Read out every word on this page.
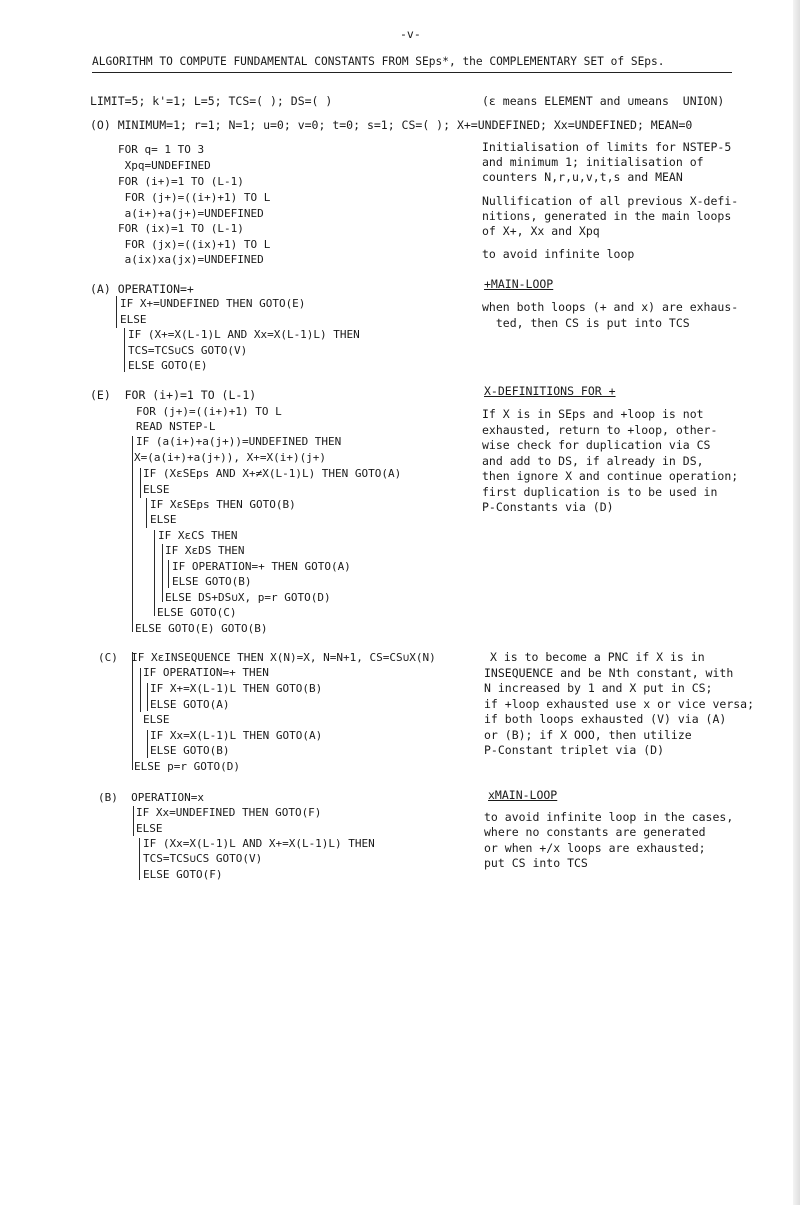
-v-
ALGORITHM TO COMPUTE FUNDAMENTAL CONSTANTS FROM SEps*, the COMPLEMENTARY SET of SEps.
LIMIT=5; k'=1; L=5; TCS=( ); DS=( )	(ε means ELEMENT and ∪means  UNION)
(O) MINIMUM=1; r=1; N=1; u=0; v=0; t=0; s=1; CS=( ); X+=UNDEFINED; Xx=UNDEFINED; MEAN=0
FOR q= 1 TO 3
Xpq=UNDEFINED
FOR (i+)=1 TO (L-1)
FOR (j+)=((i+)+1) TO L
a(i+)+a(j+)=UNDEFINED
FOR (ix)=1 TO (L-1)
FOR (jx)=((ix)+1) TO L
a(ix)xa(jx)=UNDEFINED
Initialisation of limits for NSTEP-5
and minimum 1; initialisation of
counters N,r,u,v,t,s and MEAN
Nullification of all previous X-defi-
nitions, generated in the main loops
of X+, Xx and Xpq
to avoid infinite loop
(A) OPERATION=+
IF X+=UNDEFINED THEN GOTO(E)
ELSE
IF (X+=X(L-1)L AND Xx=X(L-1)L) THEN
TCS=TCS∪CS GOTO(V)
ELSE GOTO(E)
+MAIN-LOOP
when both loops (+ and x) are exhaus-
ted, then CS is put into TCS
(E)  FOR (i+)=1 TO (L-1)
FOR (j+)=((i+)+1) TO L
READ NSTEP-L
IF (a(i+)+a(j+))=UNDEFINED THEN
X=(a(i+)+a(j+)), X+=X(i+)(j+)
IF (XεSEps AND X+≠X(L-1)L) THEN GOTO(A)
ELSE
IF XεSEps THEN GOTO(B)
ELSE
IF XεCS THEN
IF XεDS THEN
IF OPERATION=+ THEN GOTO(A)
ELSE GOTO(B)
ELSE DS+DS∪X, p=r GOTO(D)
ELSE GOTO(C)
ELSE GOTO(E) GOTO(B)
X-DEFINITIONS FOR +
If X is in SEps and +loop is not
exhausted, return to +loop, other-
wise check for duplication via CS
and add to DS, if already in DS,
then ignore X and continue operation;
first duplication is to be used in
P-Constants via (D)
(C)  IF XεINSEQUENCE THEN X(N)=X, N=N+1, CS=CS∪X(N)
IF OPERATION=+ THEN
IF X+=X(L-1)L THEN GOTO(B)
ELSE GOTO(A)
ELSE
IF Xx=X(L-1)L THEN GOTO(A)
ELSE GOTO(B)
ELSE p=r GOTO(D)
X is to become a PNC if X is in
INSEQUENCE and be Nth constant, with
N increased by 1 and X put in CS;
if +loop exhausted use x or vice versa;
if both loops exhausted (V) via (A)
or (B); if X OOO, then utilize
P-Constant triplet via (D)
(B)  OPERATION=x
IF Xx=UNDEFINED THEN GOTO(F)
ELSE
IF (Xx=X(L-1)L AND X+=X(L-1)L) THEN
TCS=TCS∪CS GOTO(V)
ELSE GOTO(F)
xMAIN-LOOP
to avoid infinite loop in the cases,
where no constants are generated
or when +/x loops are exhausted;
put CS into TCS
